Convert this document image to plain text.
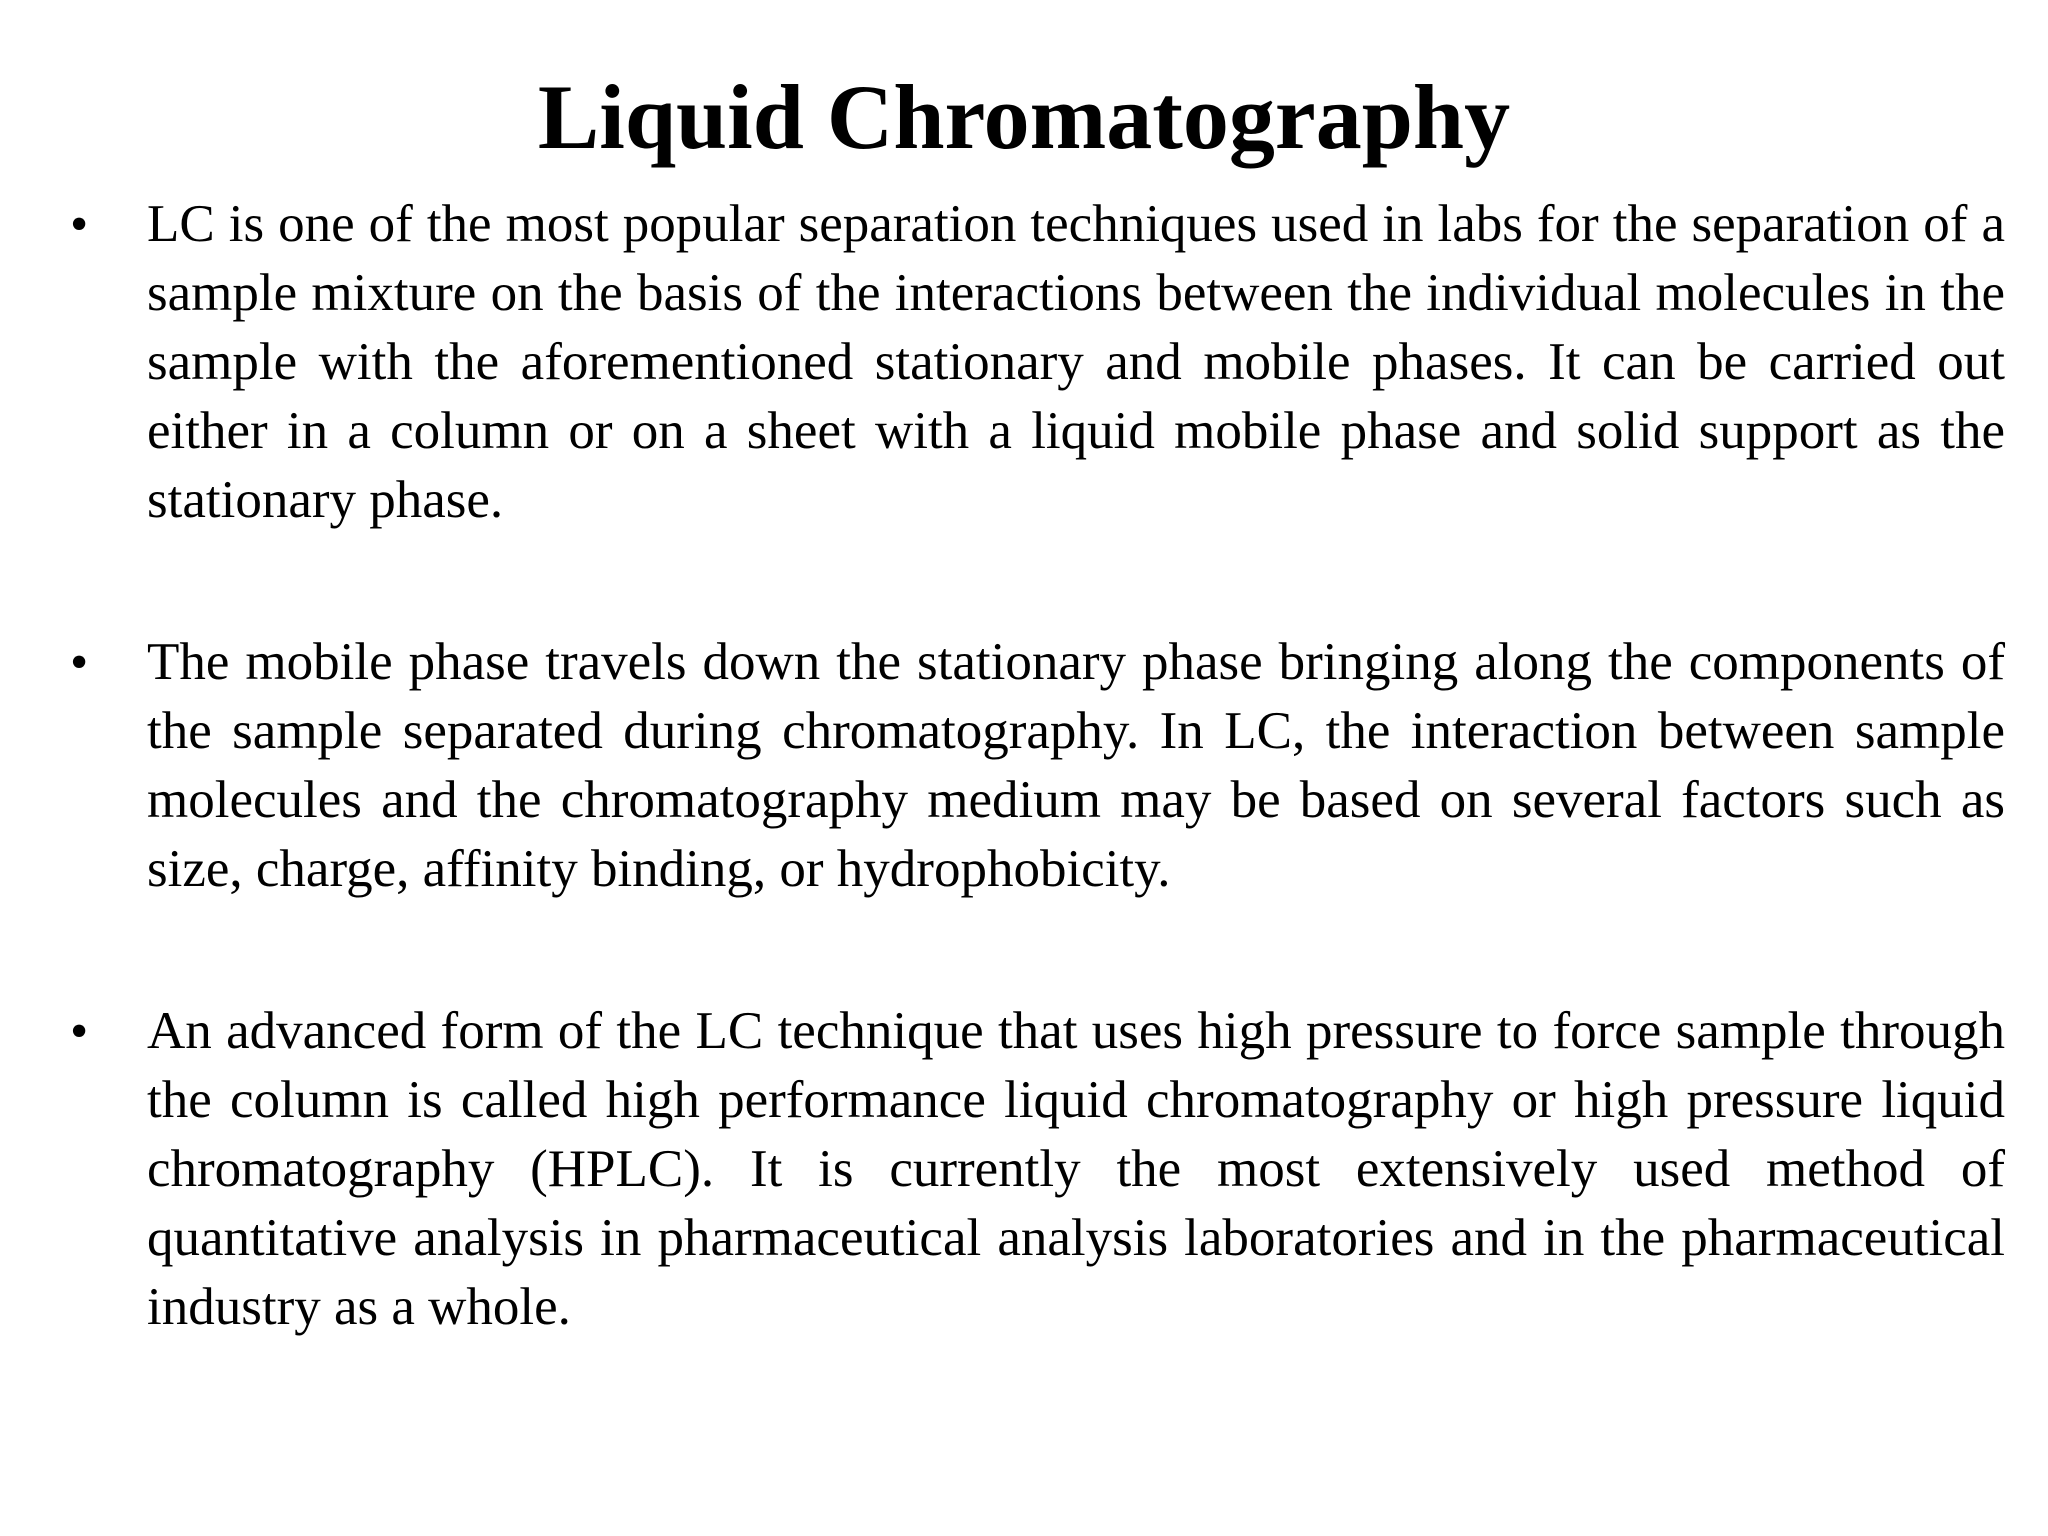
Liquid Chromatography
• LC is one of the most popular separation techniques used in labs for the separation of a sample mixture on the basis of the interactions between the individual molecules in the sample with the aforementioned stationary and mobile phases. It can be carried out either in a column or on a sheet with a liquid mobile phase and solid support as the stationary phase.

• The mobile phase travels down the stationary phase bringing along the components of the sample separated during chromatography. In LC, the interaction between sample molecules and the chromatography medium may be based on several factors such as size, charge, affinity binding, or hydrophobicity.

• An advanced form of the LC technique that uses high pressure to force sample through the column is called high performance liquid chromatography or high pressure liquid chromatography (HPLC). It is currently the most extensively used method of quantitative analysis in pharmaceutical analysis laboratories and in the pharmaceutical industry as a whole.
